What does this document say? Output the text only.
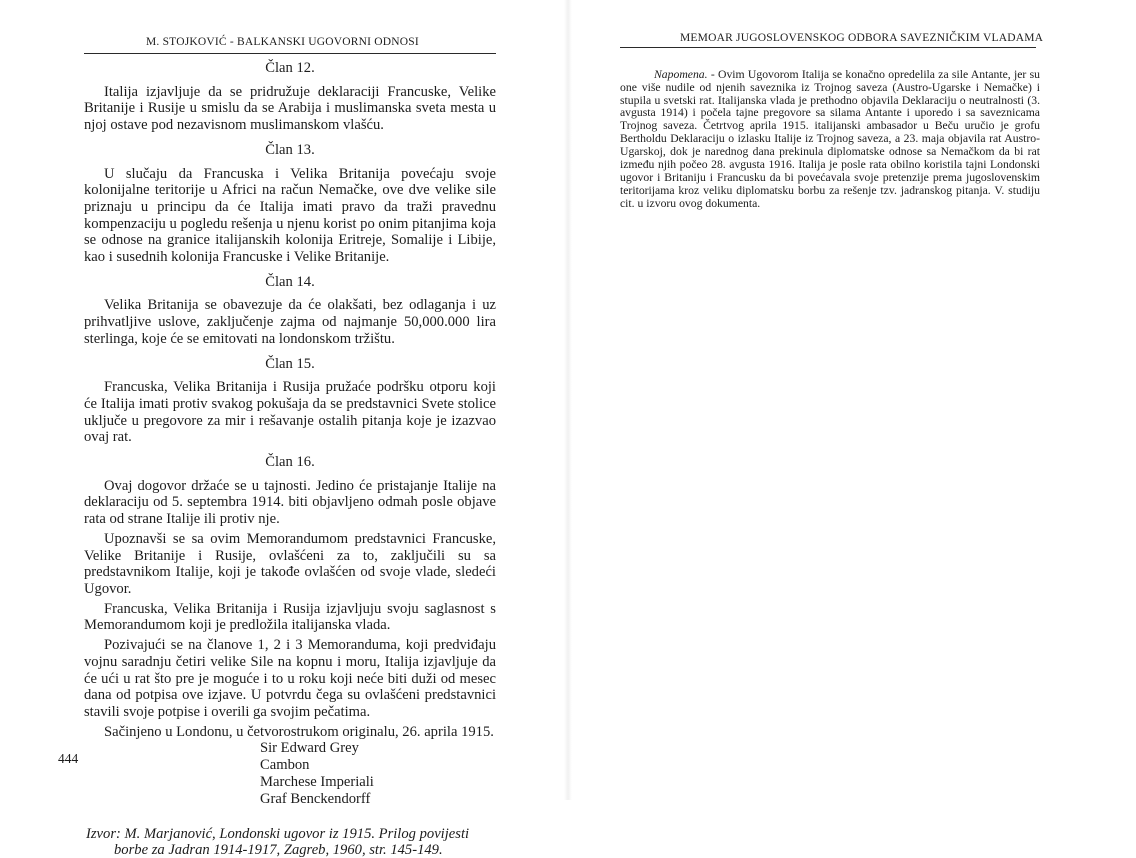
M. STOJKOVIĆ - BALKANSKI UGOVORNI ODNOSI
Član 12.

Italija izjavljuje da se pridružuje deklaraciji Francuske, Velike Britanije i Rusije u smislu da se Arabija i muslimanska sveta mesta u njoj ostave pod nezavisnom muslimanskom vlašću.

Član 13.

U slučaju da Francuska i Velika Britanija povećaju svoje kolonijalne teritorije u Africi na račun Nemačke, ove dve velike sile priznaju u principu da će Italija imati pravo da traži pravednu kompenzaciju u pogledu rešenja u njenu korist po onim pitanjima koja se odnose na granice italijanskih kolonija Eritreje, Somalije i Libije, kao i susednih kolonija Francuske i Velike Britanije.

Član 14.

Velika Britanija se obavezuje da će olakšati, bez odlaganja i uz prihvatljive uslove, zaključenje zajma od najmanje 50,000.000 lira sterlinga, koje će se emitovati na londonskom tržištu.

Član 15.

Francuska, Velika Britanija i Rusija pružaće podršku otporu koji će Italija imati protiv svakog pokušaja da se predstavnici Svete stolice uključe u pregovore za mir i rešavanje ostalih pitanja koje je izazvao ovaj rat.

Član 16.

Ovaj dogovor držaće se u tajnosti. Jedino će pristajanje Italije na deklaraciju od 5. septembra 1914. biti objavljeno odmah posle objave rata od strane Italije ili protiv nje.

Upoznavši se sa ovim Memorandumom predstavnici Francuske, Velike Britanije i Rusije, ovlašćeni za to, zaključili su sa predstavnikom Italije, koji je takođe ovlašćen od svoje vlade, sledeći Ugovor.

Francuska, Velika Britanija i Rusija izjavljuju svoju saglasnost s Memorandumom koji je predložila italijanska vlada.

Pozivajući se na članove 1, 2 i 3 Memoranduma, koji predviđaju vojnu saradnju četiri velike Sile na kopnu i moru, Italija izjavljuje da će ući u rat što pre je moguće i to u roku koji neće biti duži od mesec dana od potpisa ove izjave. U potvrdu čega su ovlašćeni predstavnici stavili svoje potpise i overili ga svojim pečatima.

Sačinjeno u Londonu, u četvorostrukom originalu, 26. aprila 1915.

Sir Edward Grey
Cambon
Marchese Imperiali
Graf Benckendorff

Izvor: M. Marjanović, Londonski ugovor iz 1915. Prilog povijesti borbe za Jadran 1914-1917, Zagreb, 1960, str. 145-149.

444
MEMOAR JUGOSLOVENSKOG ODBORA SAVEZNIČKIM VLADAMA

Napomena. - Ovim Ugovorom Italija se konačno opredelila za sile Antante, jer su one više nudile od njenih saveznika iz Trojnog saveza (Austro-Ugarske i Nemačke) i stupila u svetski rat. Italijanska vlada je prethodno objavila Deklaraciju o neutralnosti (3. avgusta 1914) i počela tajne pregovore sa silama Antante i uporedo i sa saveznicama Trojnog saveza. Četrtvog aprila 1915. italijanski ambasador u Beču uručio je grofu Bertholdu Deklaraciju o izlasku Italije iz Trojnog saveza, a 23. maja objavila rat Austro-Ugarskoj, dok je narednog dana prekinula diplomatske odnose sa Nemačkom da bi rat između njih počeo 28. avgusta 1916. Italija je posle rata obilno koristila tajni Londonski ugovor i Britaniju i Francusku da bi povećavala svoje pretenzije prema jugoslovenskim teritorijama kroz veliku diplomatsku borbu za rešenje tzv. jadranskog pitanja. V. studiju cit. u izvoru ovog dokumenta.
